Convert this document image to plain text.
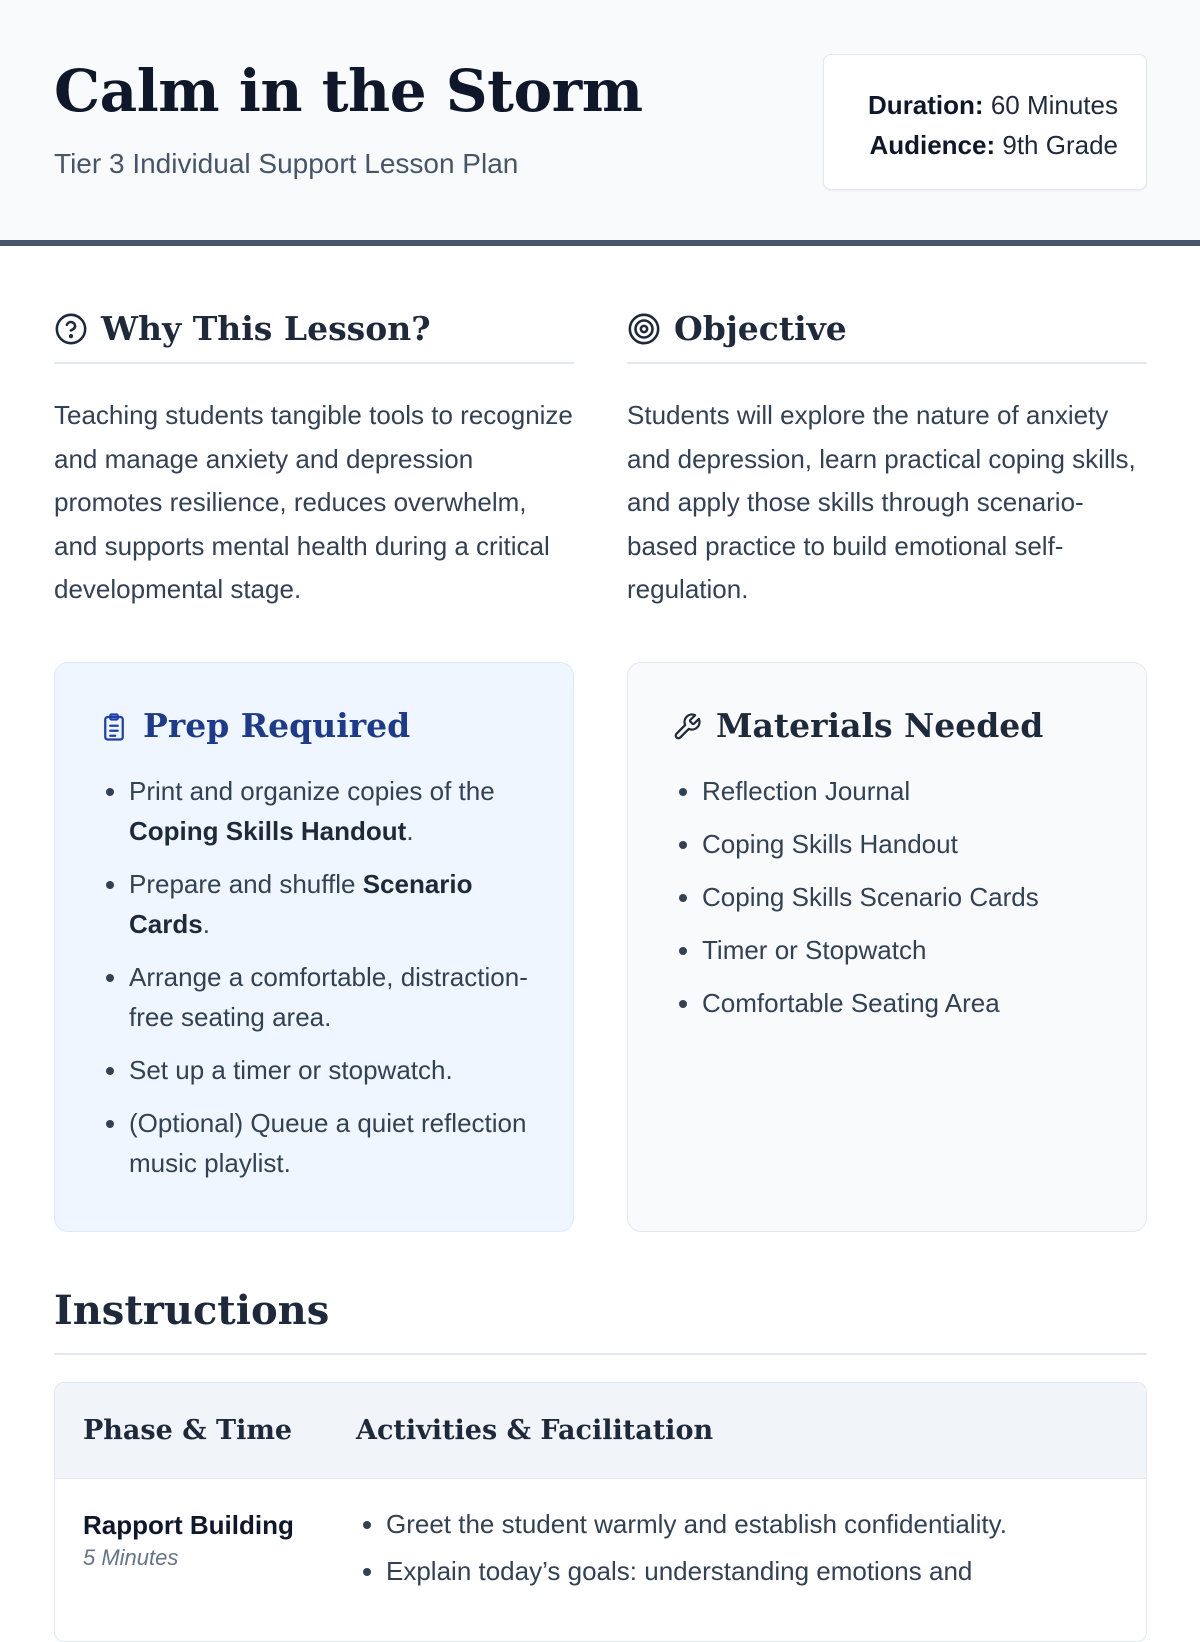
Calm in the Storm

Tier 3 Individual Support Lesson Plan

Duration: 60 Minutes
Audience: 9th Grade
Why This Lesson?

Teaching students tangible tools to recognize and manage anxiety and depression promotes resilience, reduces overwhelm, and supports mental health during a critical developmental stage.

Objective

Students will explore the nature of anxiety and depression, learn practical coping skills, and apply those skills through scenario-based practice to build emotional self-regulation.

Prep Required
• Print and organize copies of the Coping Skills Handout.
• Prepare and shuffle Scenario Cards.
• Arrange a comfortable, distraction-free seating area.
• Set up a timer or stopwatch.
• (Optional) Queue a quiet reflection music playlist.
Materials Needed
• Reflection Journal
• Coping Skills Handout
• Coping Skills Scenario Cards
• Timer or Stopwatch
• Comfortable Seating Area
Instructions
Phase & Time Activities & Facilitation
Rapport Building
5 Minutes
• Greet the student warmly and establish confidentiality.
• Explain today’s goals: understanding emotions and
